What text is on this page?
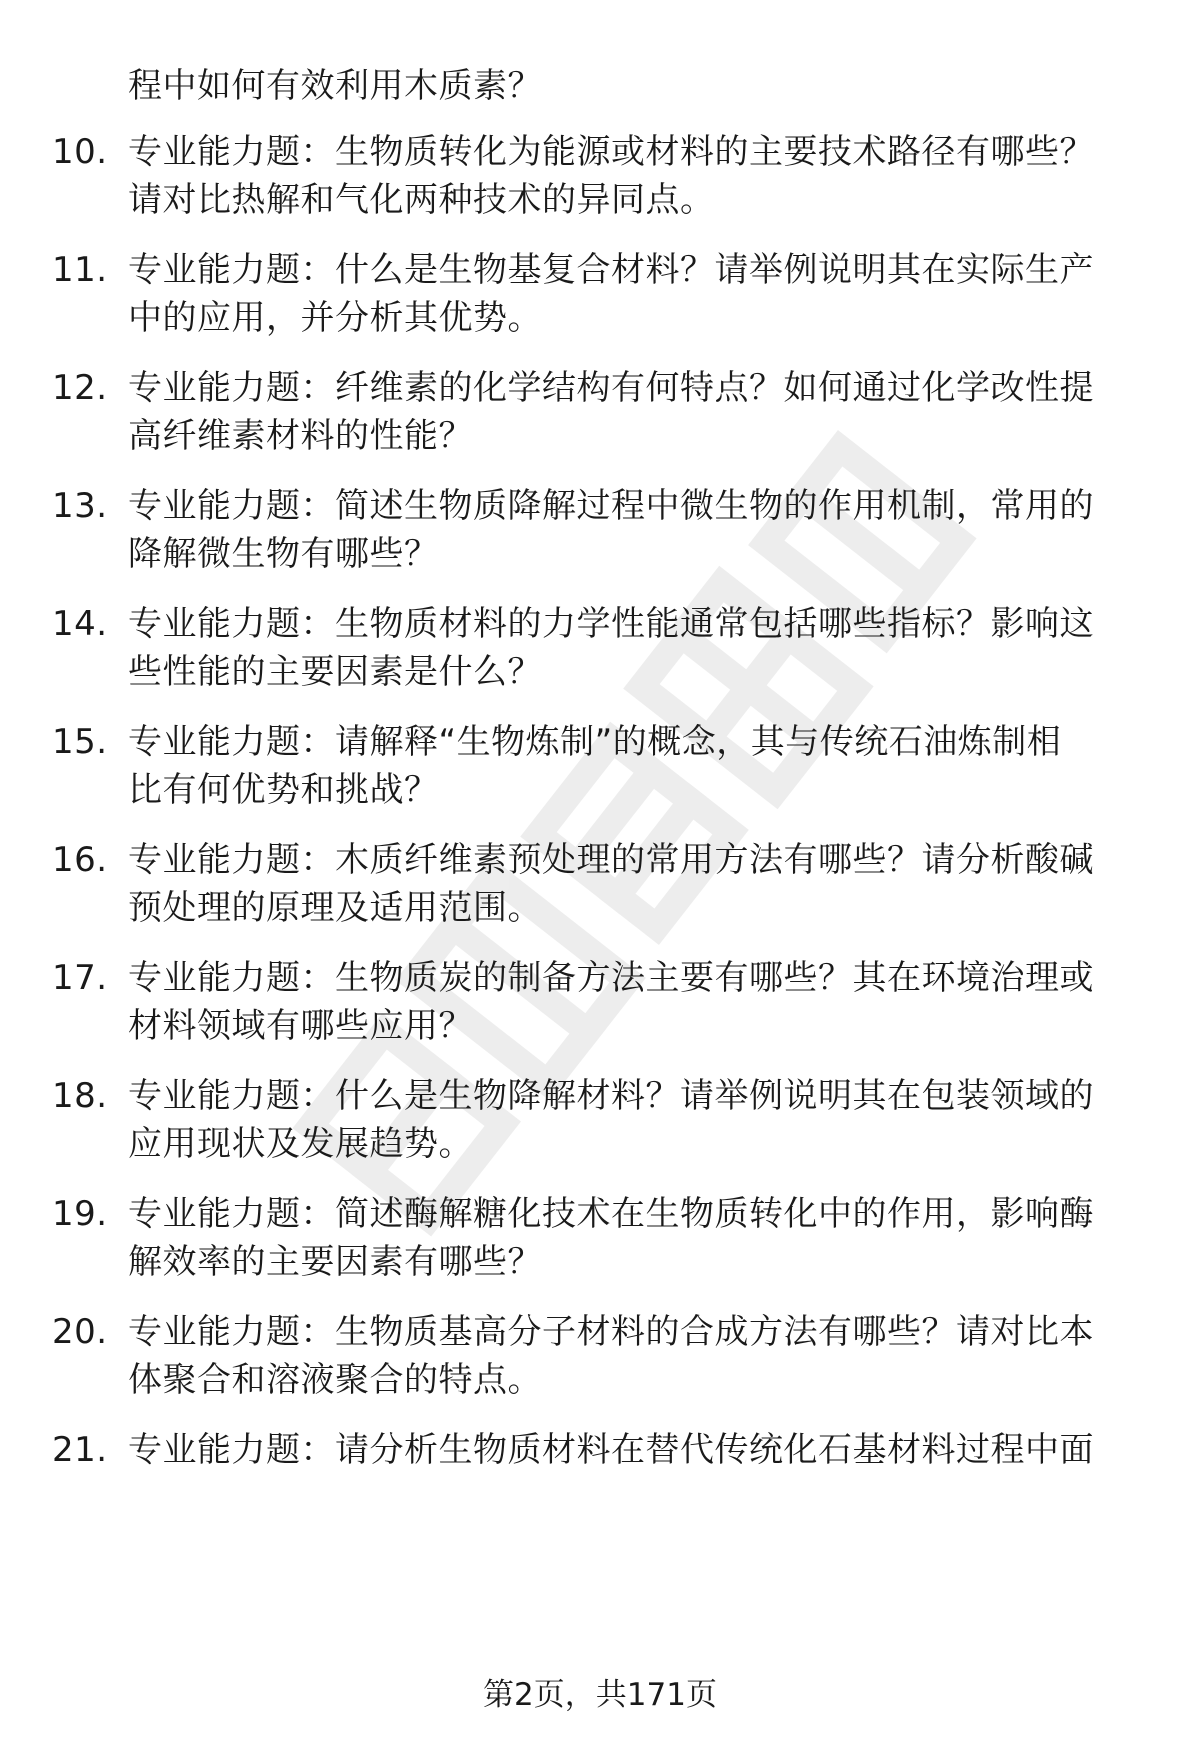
程中如何有效利用木质素？
10. 专业能力题：生物质转化为能源或材料的主要技术路径有哪些？
请对比热解和气化两种技术的异同点。
11. 专业能力题：什么是生物基复合材料？请举例说明其在实际生产
中的应用，并分析其优势。
12. 专业能力题：纤维素的化学结构有何特点？如何通过化学改性提
高纤维素材料的性能？
13. 专业能力题：简述生物质降解过程中微生物的作用机制，常用的
降解微生物有哪些？
14. 专业能力题：生物质材料的力学性能通常包括哪些指标？影响这
些性能的主要因素是什么？
15. 专业能力题：请解释“生物炼制”的概念，其与传统石油炼制相
比有何优势和挑战？
16. 专业能力题：木质纤维素预处理的常用方法有哪些？请分析酸碱
预处理的原理及适用范围。
17. 专业能力题：生物质炭的制备方法主要有哪些？其在环境治理或
材料领域有哪些应用？
18. 专业能力题：什么是生物降解材料？请举例说明其在包装领域的
应用现状及发展趋势。
19. 专业能力题：简述酶解糖化技术在生物质转化中的作用，影响酶
解效率的主要因素有哪些？
20. 专业能力题：生物质基高分子材料的合成方法有哪些？请对比本
体聚合和溶液聚合的特点。
21. 专业能力题：请分析生物质材料在替代传统化石基材料过程中面
第2页，共171页
